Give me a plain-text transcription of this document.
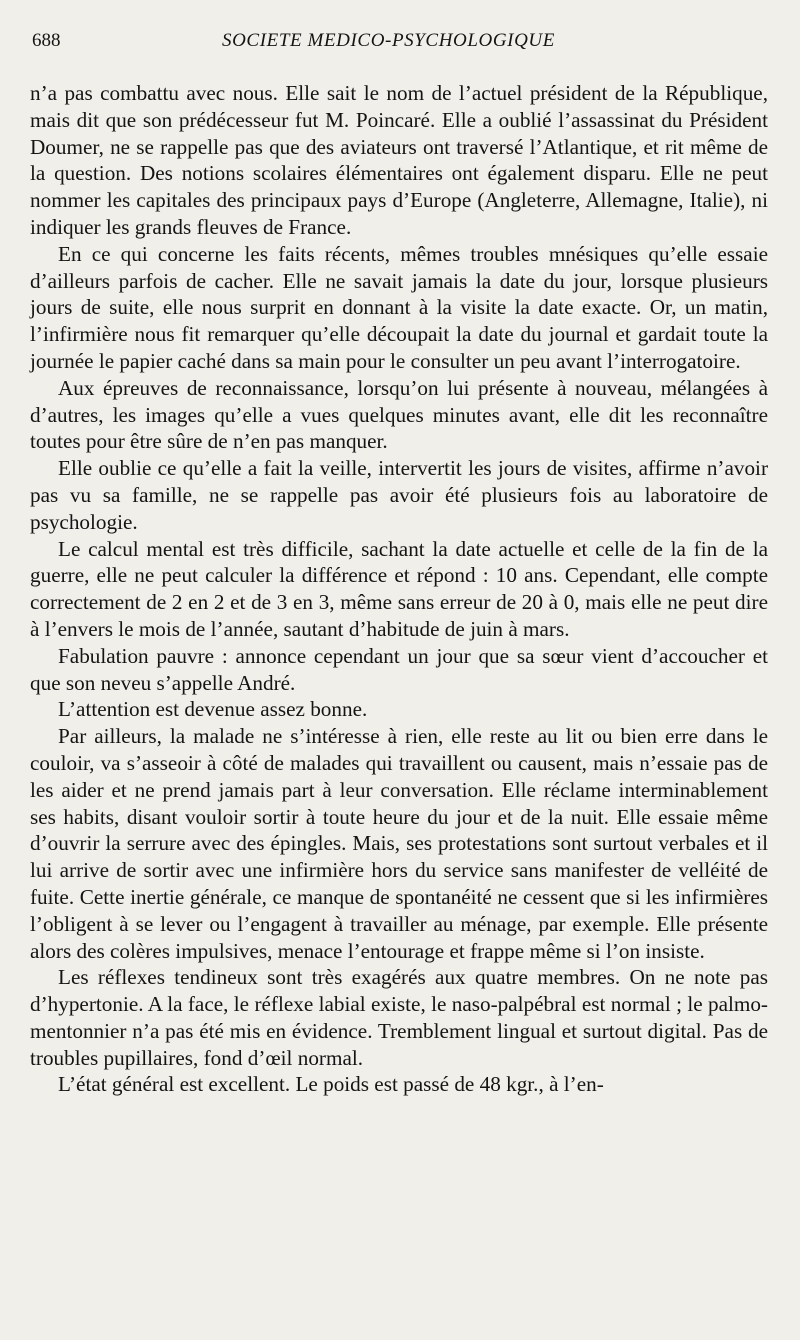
688	SOCIETE MEDICO-PSYCHOLOGIQUE

n’a pas combattu avec nous. Elle sait le nom de l’actuel président de la République, mais dit que son prédécesseur fut M. Poincaré. Elle a oublié l’assassinat du Président Doumer, ne se rappelle pas que des aviateurs ont traversé l’Atlantique, et rit même de la question. Des notions scolaires élémentaires ont également disparu. Elle ne peut nommer les capitales des principaux pays d’Europe (Angleterre, Allemagne, Italie), ni indiquer les grands fleuves de France.

En ce qui concerne les faits récents, mêmes troubles mnésiques qu’elle essaie d’ailleurs parfois de cacher. Elle ne savait jamais la date du jour, lorsque plusieurs jours de suite, elle nous surprit en donnant à la visite la date exacte. Or, un matin, l’infirmière nous fit remarquer qu’elle découpait la date du journal et gardait toute la journée le papier caché dans sa main pour le consulter un peu avant l’interrogatoire.

Aux épreuves de reconnaissance, lorsqu’on lui présente à nouveau, mélangées à d’autres, les images qu’elle a vues quelques minutes avant, elle dit les reconnaître toutes pour être sûre de n’en pas manquer.

Elle oublie ce qu’elle a fait la veille, intervertit les jours de visites, affirme n’avoir pas vu sa famille, ne se rappelle pas avoir été plusieurs fois au laboratoire de psychologie.

Le calcul mental est très difficile, sachant la date actuelle et celle de la fin de la guerre, elle ne peut calculer la différence et répond : 10 ans. Cependant, elle compte correctement de 2 en 2 et de 3 en 3, même sans erreur de 20 à 0, mais elle ne peut dire à l’envers le mois de l’année, sautant d’habitude de juin à mars.

Fabulation pauvre : annonce cependant un jour que sa sœur vient d’accoucher et que son neveu s’appelle André.

L’attention est devenue assez bonne.

Par ailleurs, la malade ne s’intéresse à rien, elle reste au lit ou bien erre dans le couloir, va s’asseoir à côté de malades qui travaillent ou causent, mais n’essaie pas de les aider et ne prend jamais part à leur conversation. Elle réclame interminablement ses habits, disant vouloir sortir à toute heure du jour et de la nuit. Elle essaie même d’ouvrir la serrure avec des épingles. Mais, ses protestations sont surtout verbales et il lui arrive de sortir avec une infirmière hors du service sans manifester de velléité de fuite. Cette inertie générale, ce manque de spontanéité ne cessent que si les infirmières l’obligent à se lever ou l’engagent à travailler au ménage, par exemple. Elle présente alors des colères impulsives, menace l’entourage et frappe même si l’on insiste.

Les réflexes tendineux sont très exagérés aux quatre membres. On ne note pas d’hypertonie. A la face, le réflexe labial existe, le naso-palpébral est normal ; le palmo-mentonnier n’a pas été mis en évidence. Tremblement lingual et surtout digital. Pas de troubles pupillaires, fond d’œil normal.

L’état général est excellent. Le poids est passé de 48 kgr., à l’en-
